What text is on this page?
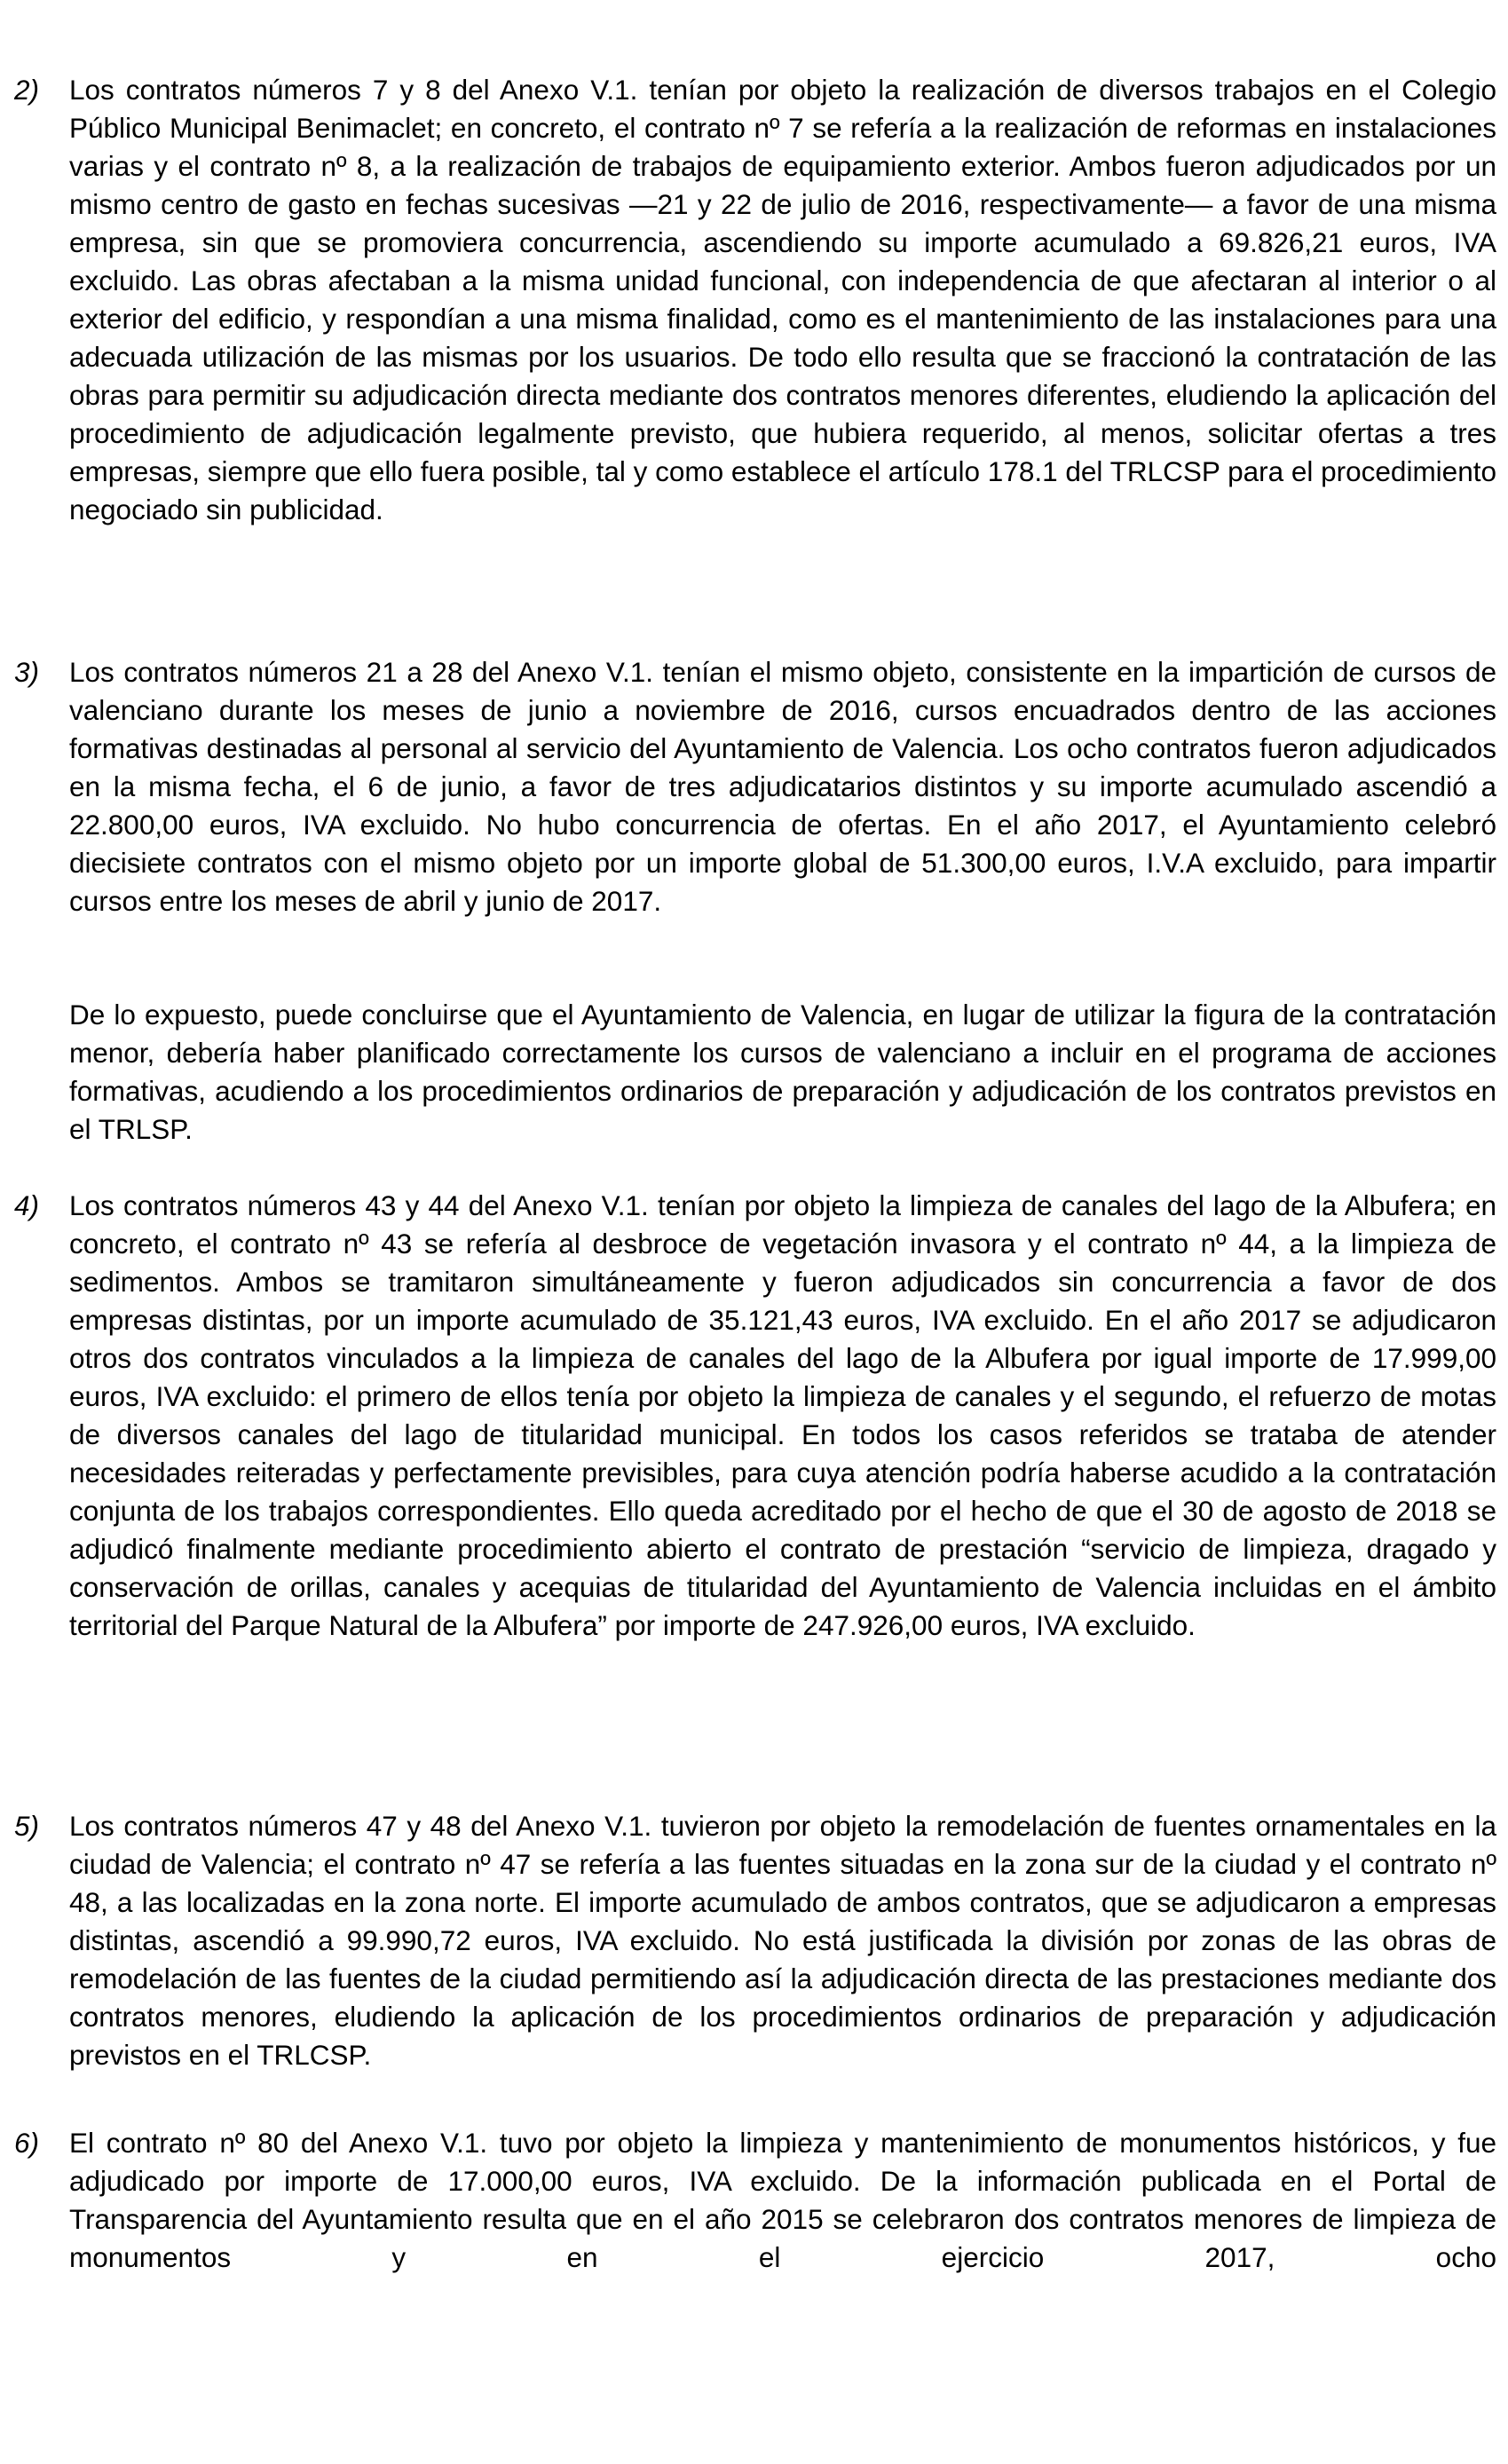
2) Los contratos números 7 y 8 del Anexo V.1. tenían por objeto la realización de diversos trabajos en el Colegio Público Municipal Benimaclet; en concreto, el contrato nº 7 se refería a la realización de reformas en instalaciones varias y el contrato nº 8, a la realización de trabajos de equipamiento exterior. Ambos fueron adjudicados por un mismo centro de gasto en fechas sucesivas —21 y 22 de julio de 2016, respectivamente— a favor de una misma empresa, sin que se promoviera concurrencia, ascendiendo su importe acumulado a 69.826,21 euros, IVA excluido. Las obras afectaban a la misma unidad funcional, con independencia de que afectaran al interior o al exterior del edificio, y respondían a una misma finalidad, como es el mantenimiento de las instalaciones para una adecuada utilización de las mismas por los usuarios. De todo ello resulta que se fraccionó la contratación de las obras para permitir su adjudicación directa mediante dos contratos menores diferentes, eludiendo la aplicación del procedimiento de adjudicación legalmente previsto, que hubiera requerido, al menos, solicitar ofertas a tres empresas, siempre que ello fuera posible, tal y como establece el artículo 178.1 del TRLCSP para el procedimiento negociado sin publicidad.

3) Los contratos números 21 a 28 del Anexo V.1. tenían el mismo objeto, consistente en la impartición de cursos de valenciano durante los meses de junio a noviembre de 2016, cursos encuadrados dentro de las acciones formativas destinadas al personal al servicio del Ayuntamiento de Valencia. Los ocho contratos fueron adjudicados en la misma fecha, el 6 de junio, a favor de tres adjudicatarios distintos y su importe acumulado ascendió a 22.800,00 euros, IVA excluido. No hubo concurrencia de ofertas. En el año 2017, el Ayuntamiento celebró diecisiete contratos con el mismo objeto por un importe global de 51.300,00 euros, I.V.A excluido, para impartir cursos entre los meses de abril y junio de 2017.

De lo expuesto, puede concluirse que el Ayuntamiento de Valencia, en lugar de utilizar la figura de la contratación menor, debería haber planificado correctamente los cursos de valenciano a incluir en el programa de acciones formativas, acudiendo a los procedimientos ordinarios de preparación y adjudicación de los contratos previstos en el TRLSP.

4) Los contratos números 43 y 44 del Anexo V.1. tenían por objeto la limpieza de canales del lago de la Albufera; en concreto, el contrato nº 43 se refería al desbroce de vegetación invasora y el contrato nº 44, a la limpieza de sedimentos. Ambos se tramitaron simultáneamente y fueron adjudicados sin concurrencia a favor de dos empresas distintas, por un importe acumulado de 35.121,43 euros, IVA excluido. En el año 2017 se adjudicaron otros dos contratos vinculados a la limpieza de canales del lago de la Albufera por igual importe de 17.999,00 euros, IVA excluido: el primero de ellos tenía por objeto la limpieza de canales y el segundo, el refuerzo de motas de diversos canales del lago de titularidad municipal. En todos los casos referidos se trataba de atender necesidades reiteradas y perfectamente previsibles, para cuya atención podría haberse acudido a la contratación conjunta de los trabajos correspondientes. Ello queda acreditado por el hecho de que el 30 de agosto de 2018 se adjudicó finalmente mediante procedimiento abierto el contrato de prestación “servicio de limpieza, dragado y conservación de orillas, canales y acequias de titularidad del Ayuntamiento de Valencia incluidas en el ámbito territorial del Parque Natural de la Albufera” por importe de 247.926,00 euros, IVA excluido.

5) Los contratos números 47 y 48 del Anexo V.1. tuvieron por objeto la remodelación de fuentes ornamentales en la ciudad de Valencia; el contrato nº 47 se refería a las fuentes situadas en la zona sur de la ciudad y el contrato nº 48, a las localizadas en la zona norte. El importe acumulado de ambos contratos, que se adjudicaron a empresas distintas, ascendió a 99.990,72 euros, IVA excluido. No está justificada la división por zonas de las obras de remodelación de las fuentes de la ciudad permitiendo así la adjudicación directa de las prestaciones mediante dos contratos menores, eludiendo la aplicación de los procedimientos ordinarios de preparación y adjudicación previstos en el TRLCSP.

6) El contrato nº 80 del Anexo V.1. tuvo por objeto la limpieza y mantenimiento de monumentos históricos, y fue adjudicado por importe de 17.000,00 euros, IVA excluido. De la información publicada en el Portal de Transparencia del Ayuntamiento resulta que en el año 2015 se celebraron dos contratos menores de limpieza de monumentos y en el ejercicio 2017, ocho
